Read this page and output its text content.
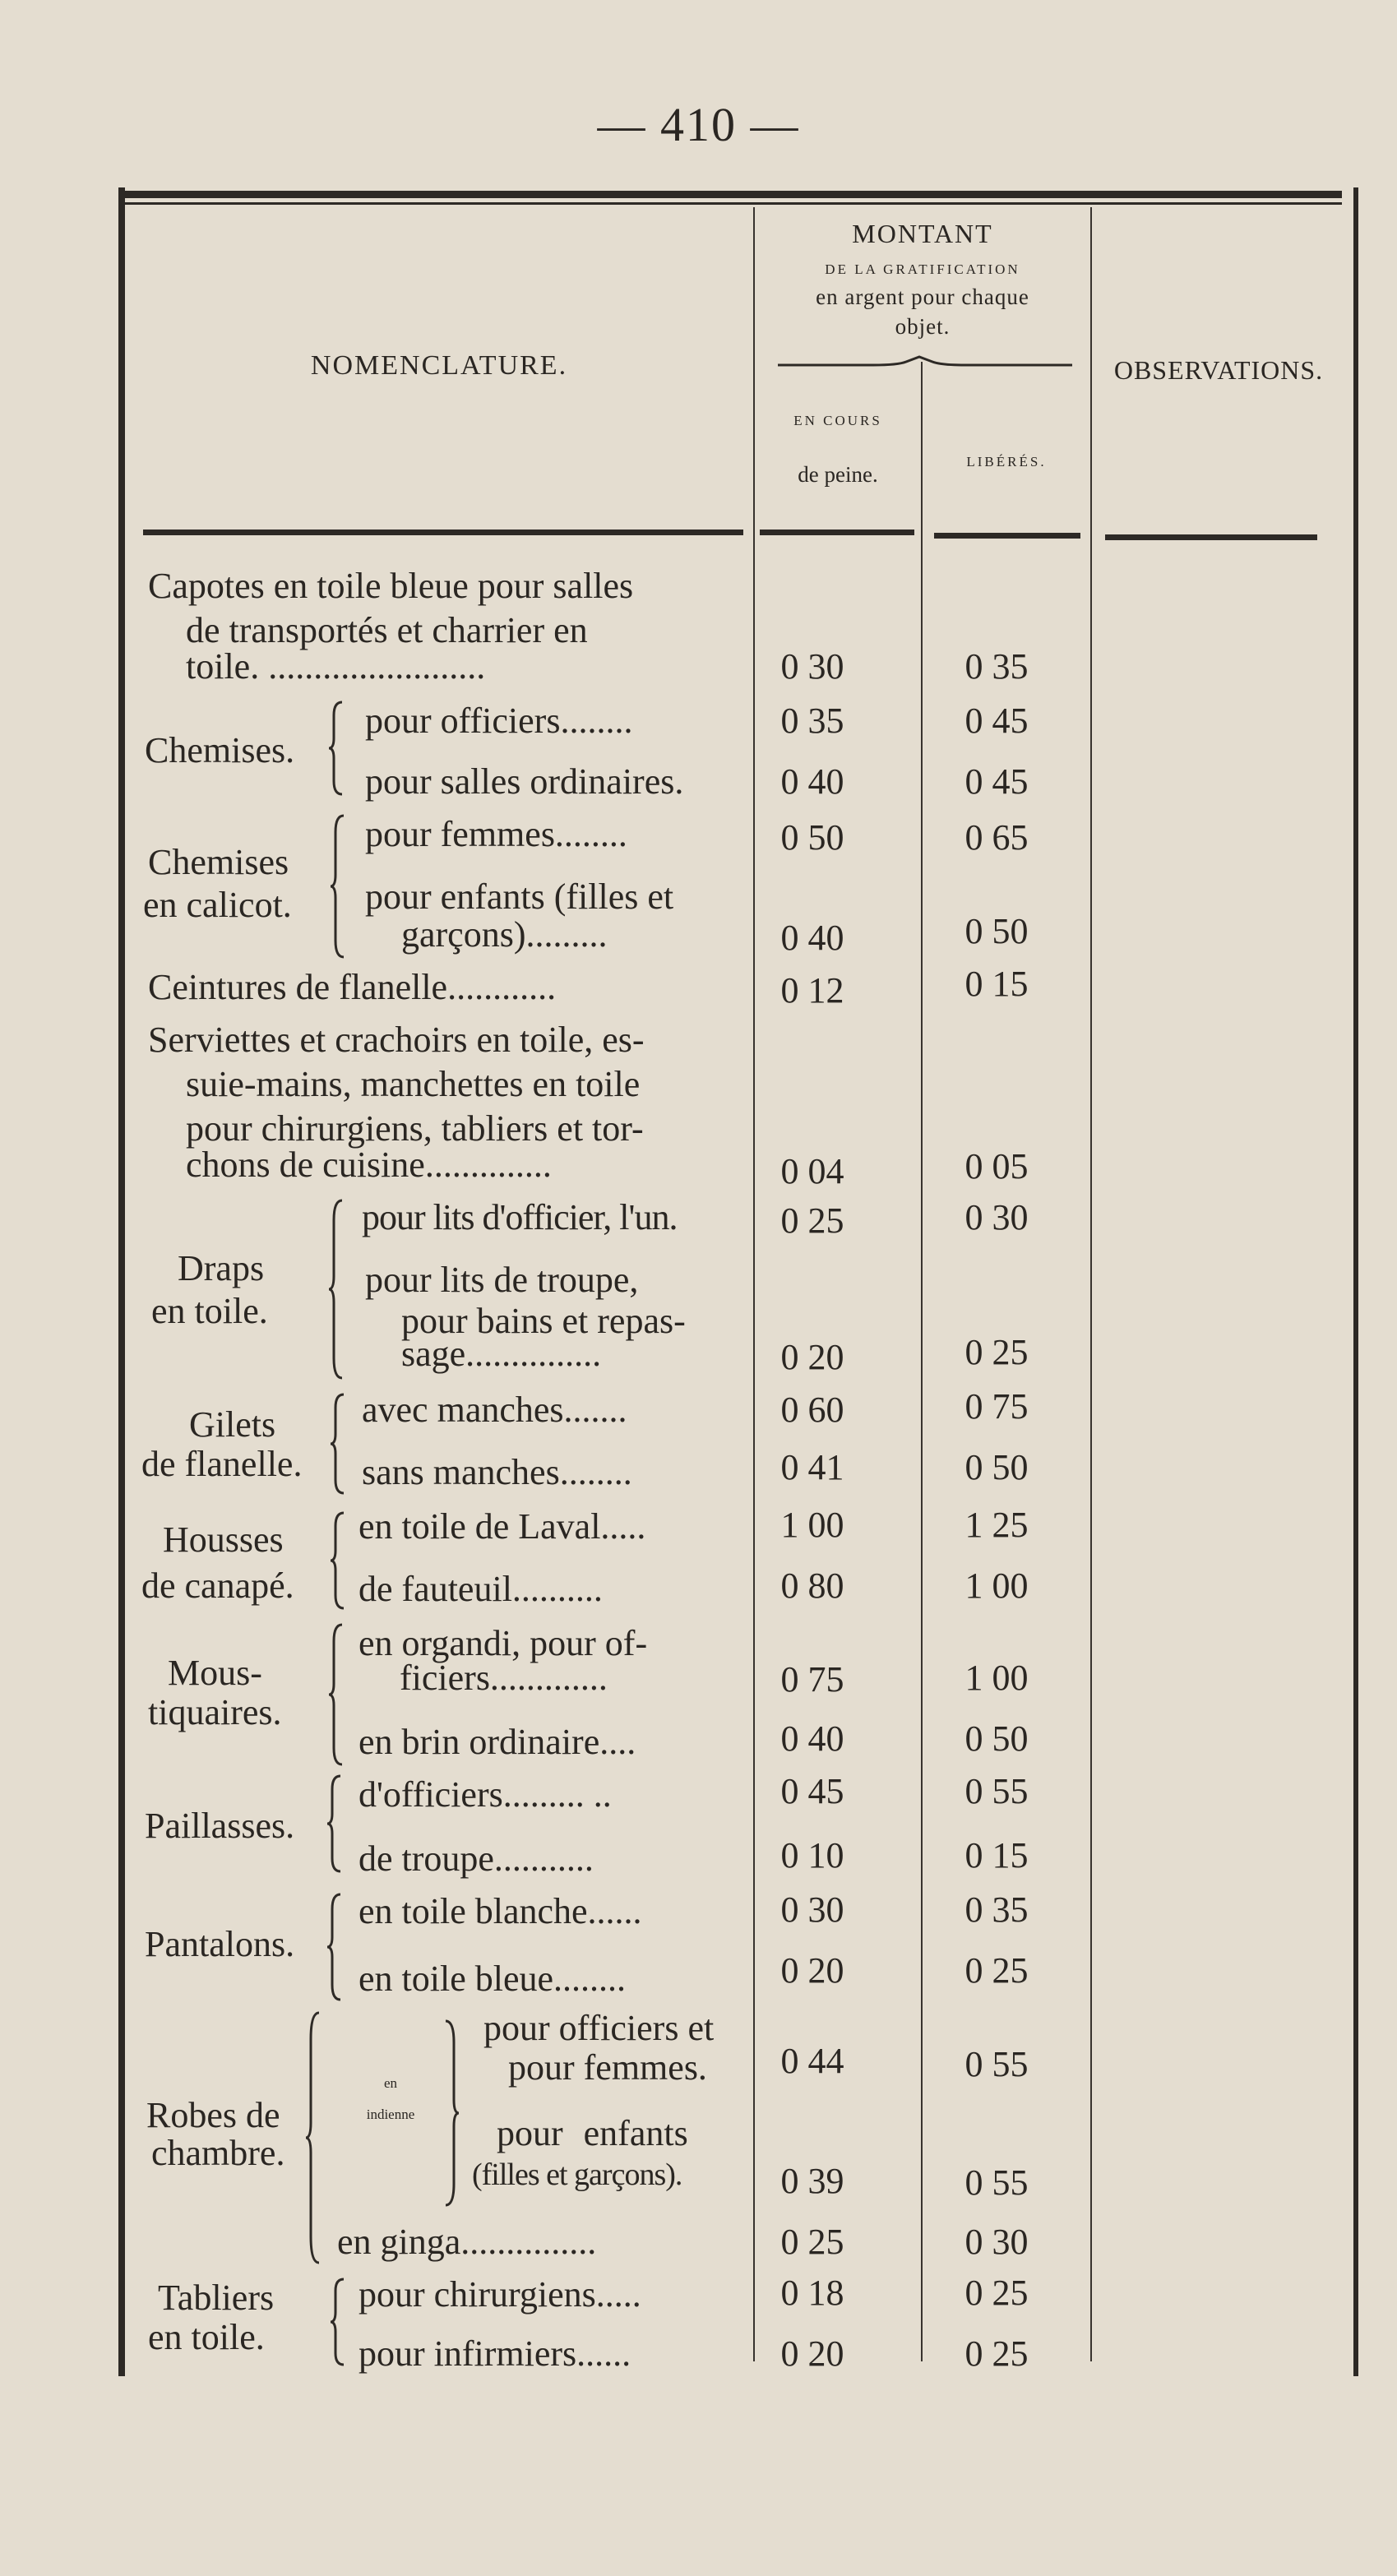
— 410 —
NOMENCLATURE.
MONTANT
DE LA GRATIFICATION
en argent pour chaque
objet.
OBSERVATIONS.
EN COURS
de peine.
LIBÉRÉS.
Capotes en toile bleue pour salles
de transportés et charrier en
toile. ........................	0 30	0 35
Chemises.
pour officiers........	0 35	0 45
pour salles ordinaires.	0 40	0 45
Chemises
en calicot.
pour femmes........	0 50	0 65
pour enfants (filles et
garçons).........	0 40	0 50
Ceintures de flanelle............	0 12	0 15
Serviettes et crachoirs en toile, es-
suie-mains, manchettes en toile
pour chirurgiens, tabliers et tor-
chons de cuisine..............	0 04	0 05
Draps
en toile.
pour lits d'officier, l'un.	0 25	0 30
pour lits de troupe,
pour bains et repas-
sage...............	0 20	0 25
Gilets
de flanelle.
avec manches.......	0 60	0 75
sans manches........	0 41	0 50
Housses
de canapé.
en toile de Laval.....	1 00	1 25
de fauteuil..........	0 80	1 00
Mous-
tiquaires.
en organdi, pour of-
ficiers.............	0 75	1 00
en brin ordinaire....	0 40	0 50
Paillasses.
d'officiers......... ..	0 45	0 55
de troupe...........	0 10	0 15
Pantalons.
en toile blanche......	0 30	0 35
en toile bleue........	0 20	0 25
Robes de
chambre.
en
indienne
pour officiers et
pour femmes.	0 44	0 55
pour enfants
(filles et garçons).	0 39	0 55
en ginga...............	0 25	0 30
Tabliers
en toile.
pour chirurgiens.....	0 18	0 25
pour infirmiers......	0 20	0 25
